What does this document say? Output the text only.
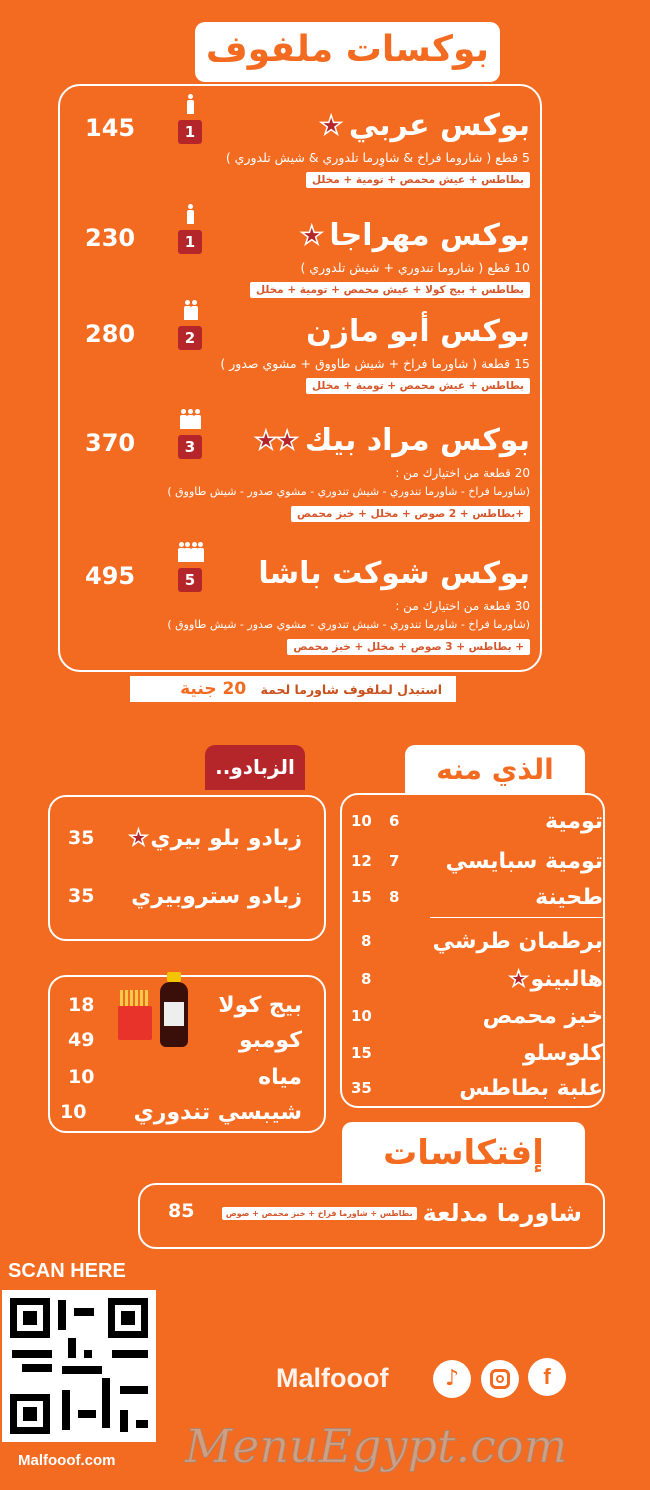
بوكسات ملفوف
بوكس عربي
★
145	1
5 قطع ( شاروما فراخ & شاوِرما تلدوري & شيش تلدوري )
بطاطس + عيش محمص + تومية + مخلل
بوكس مهراجا
★
230	1
10 قطع ( شاروما تندوري + شيش تلدوري )
بطاطس + بيج كولا + عيش محمص + تومية + مخلل
بوكس أبو مازن
280	2
15 قطعة ( شاورما فراخ + شيش طاووق + مشوي صدور )
بطاطس + عيش محمص + تومية + مخلل
بوكس مراد بيك
★★
370	3
20 قطعة من اختيارك من :
(شاورما فراخ - شاورما تندوري - شيش تندوري - مشوي صدور - شيش طاووق )
+بطاطس + 2 صوص + مخلل + خبز محمص
بوكس شوكت باشا
495	5
30 قطعة من اختيارك من :
(شاورما فراخ - شاورما تندوري - شيش تندوري - مشوي صدور - شيش طاووق )
+ بطاطس + 3 صوص + مخلل + خبز محمص
استبدل لملفوف شاورما لحمة 20 جنية
الذي منه
تومية
10 6
تومية سبايسي
12 7
طحينة
15 8
برطمان طرشي
8
هالبينو
★
8
خبز محمص
10
كلوسلو
15
علبة بطاطس
35
الزبادو..
زبادو بلو بيري
★
35
زبادو ستروبيري
35
بيج كولا
18
كومبو
49
مياه
10
شيبسي تندوري
10
إفتكاسات
شاورما مدلعة
بطاطس + شاورما فراخ + خبز محمص + صوص
85
SCAN HERE
Malfooof.com
Malfooof	♪	f
MenuEgypt.com
